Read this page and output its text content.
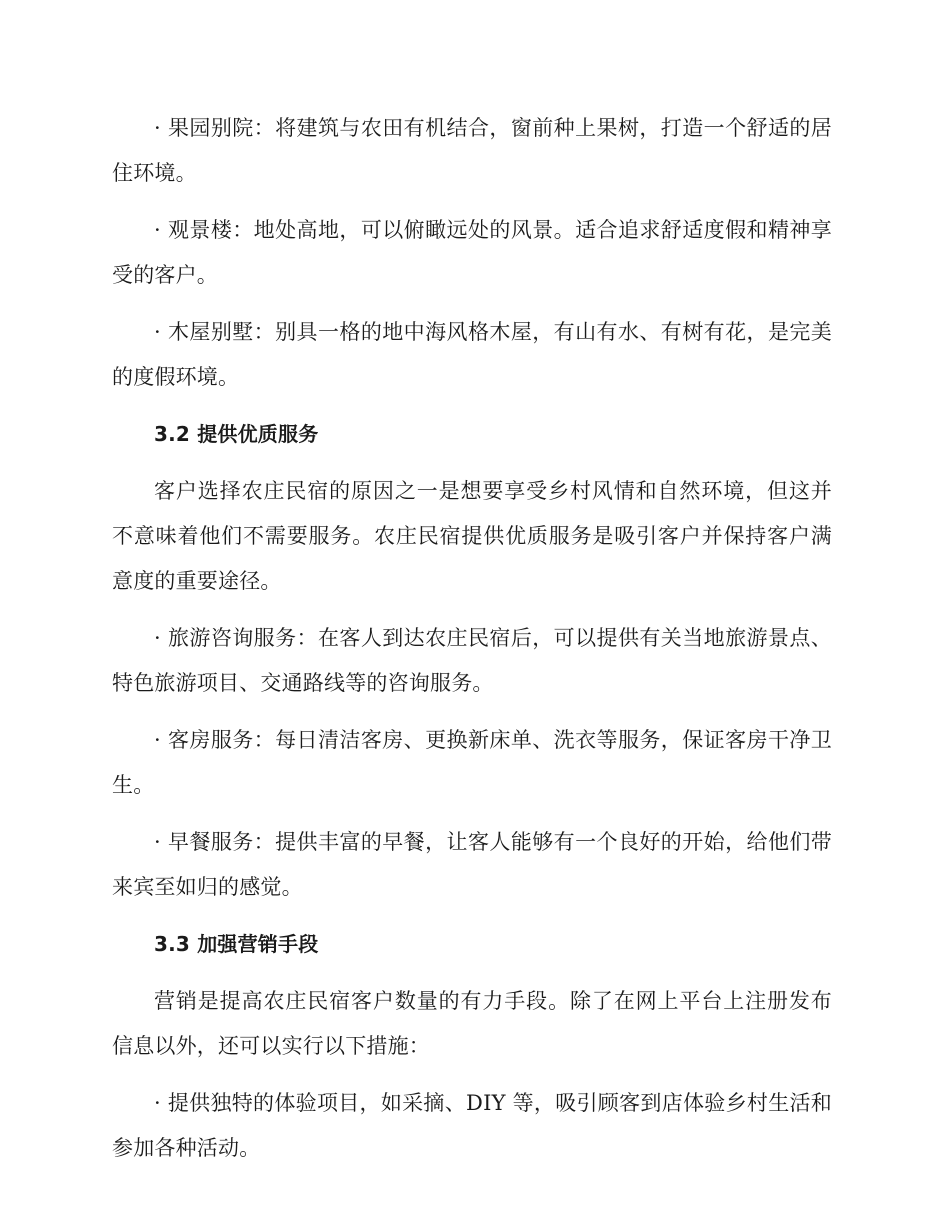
· 果园别院：将建筑与农田有机结合，窗前种上果树，打造一个舒适的居住环境。

· 观景楼：地处高地，可以俯瞰远处的风景。适合追求舒适度假和精神享受的客户。

· 木屋别墅：别具一格的地中海风格木屋，有山有水、有树有花，是完美的度假环境。

3.2 提供优质服务

客户选择农庄民宿的原因之一是想要享受乡村风情和自然环境，但这并不意味着他们不需要服务。农庄民宿提供优质服务是吸引客户并保持客户满意度的重要途径。

· 旅游咨询服务：在客人到达农庄民宿后，可以提供有关当地旅游景点、特色旅游项目、交通路线等的咨询服务。

· 客房服务：每日清洁客房、更换新床单、洗衣等服务，保证客房干净卫生。

· 早餐服务：提供丰富的早餐，让客人能够有一个良好的开始，给他们带来宾至如归的感觉。

3.3 加强营销手段

营销是提高农庄民宿客户数量的有力手段。除了在网上平台上注册发布信息以外，还可以实行以下措施：

· 提供独特的体验项目，如采摘、DIY 等，吸引顾客到店体验乡村生活和参加各种活动。
